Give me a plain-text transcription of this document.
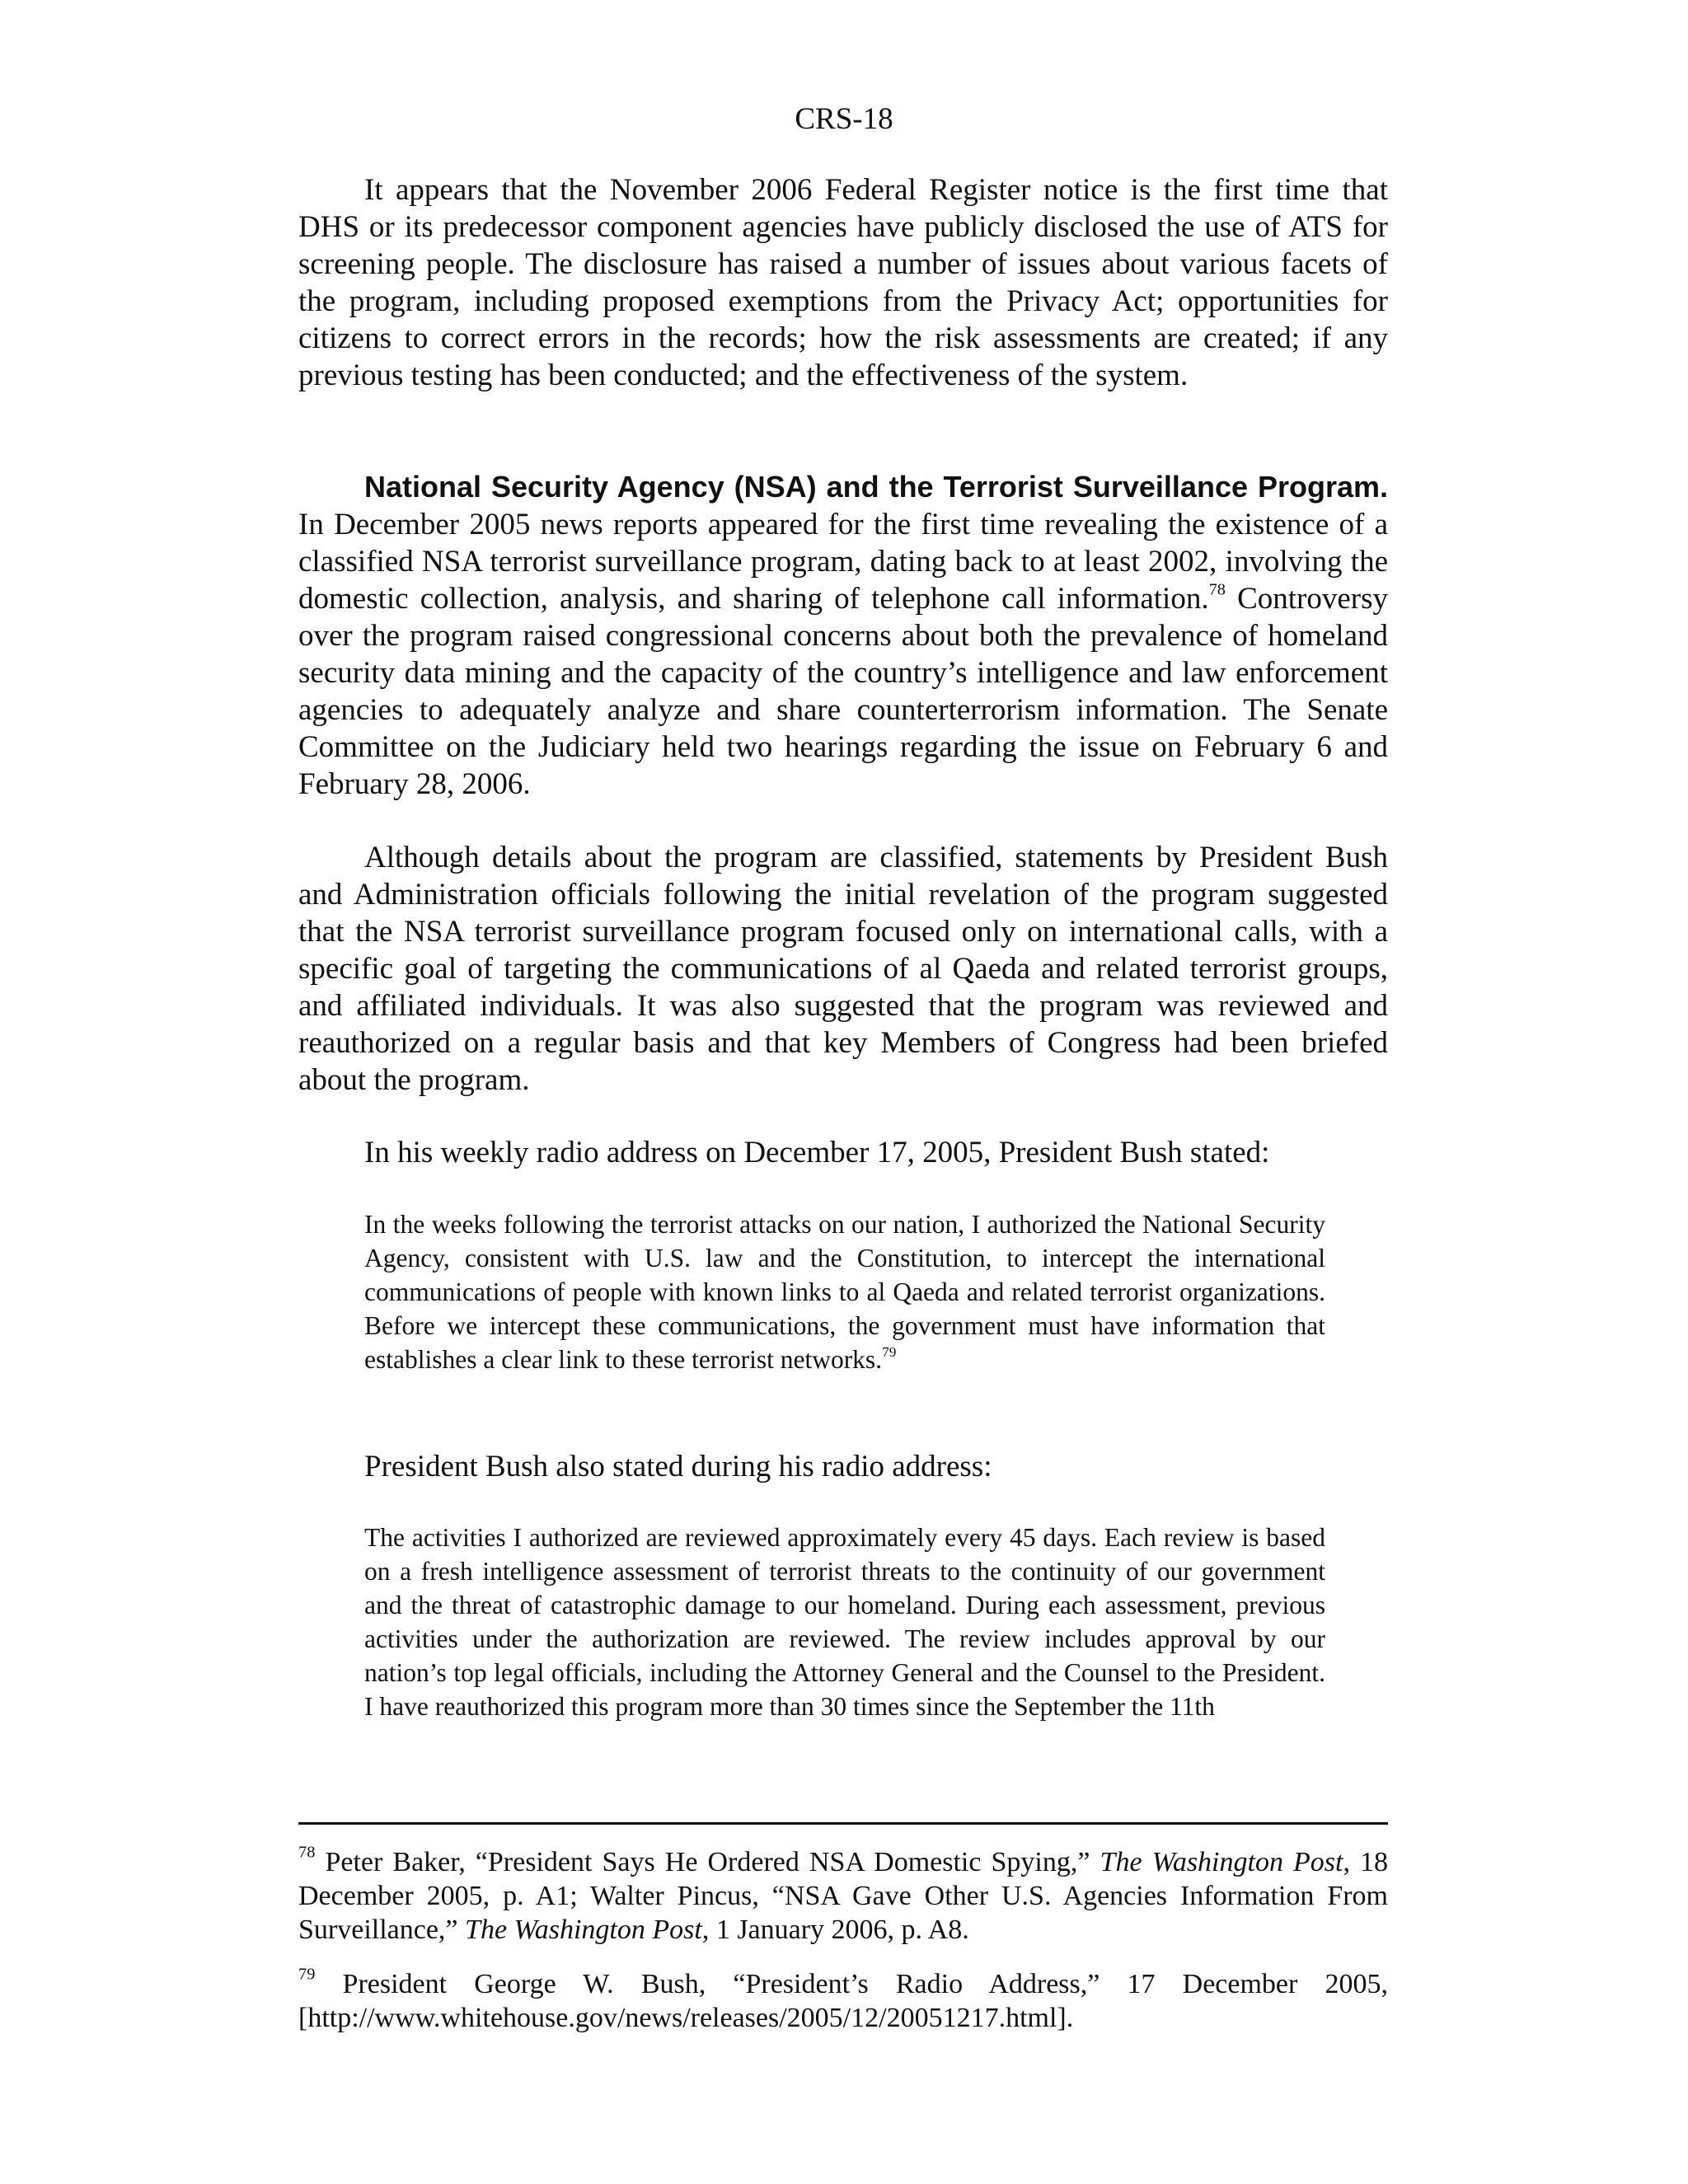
CRS-18

It appears that the November 2006 Federal Register notice is the first time that DHS or its predecessor component agencies have publicly disclosed the use of ATS for screening people. The disclosure has raised a number of issues about various facets of the program, including proposed exemptions from the Privacy Act; opportunities for citizens to correct errors in the records; how the risk assessments are created; if any previous testing has been conducted; and the effectiveness of the system.

National Security Agency (NSA) and the Terrorist Surveillance Program. In December 2005 news reports appeared for the first time revealing the existence of a classified NSA terrorist surveillance program, dating back to at least 2002, involving the domestic collection, analysis, and sharing of telephone call information.$^{78}$ Controversy over the program raised congressional concerns about both the prevalence of homeland security data mining and the capacity of the country’s intelligence and law enforcement agencies to adequately analyze and share counterterrorism information. The Senate Committee on the Judiciary held two hearings regarding the issue on February 6 and February 28, 2006.

Although details about the program are classified, statements by President Bush and Administration officials following the initial revelation of the program suggested that the NSA terrorist surveillance program focused only on international calls, with a specific goal of targeting the communications of al Qaeda and related terrorist groups, and affiliated individuals. It was also suggested that the program was reviewed and reauthorized on a regular basis and that key Members of Congress had been briefed about the program.

In his weekly radio address on December 17, 2005, President Bush stated:

In the weeks following the terrorist attacks on our nation, I authorized the National Security Agency, consistent with U.S. law and the Constitution, to intercept the international communications of people with known links to al Qaeda and related terrorist organizations. Before we intercept these communications, the government must have information that establishes a clear link to these terrorist networks.$^{79}$

President Bush also stated during his radio address:

The activities I authorized are reviewed approximately every 45 days. Each review is based on a fresh intelligence assessment of terrorist threats to the continuity of our government and the threat of catastrophic damage to our homeland. During each assessment, previous activities under the authorization are reviewed. The review includes approval by our nation’s top legal officials, including the Attorney General and the Counsel to the President. I have reauthorized this program more than 30 times since the September the 11th

$^{78}$ Peter Baker, “President Says He Ordered NSA Domestic Spying,” The Washington Post, 18 December 2005, p. A1; Walter Pincus, “NSA Gave Other U.S. Agencies Information From Surveillance,” The Washington Post, 1 January 2006, p. A8.

$^{79}$ President George W. Bush, “President’s Radio Address,” 17 December 2005, [http://www.whitehouse.gov/news/releases/2005/12/20051217.html].
